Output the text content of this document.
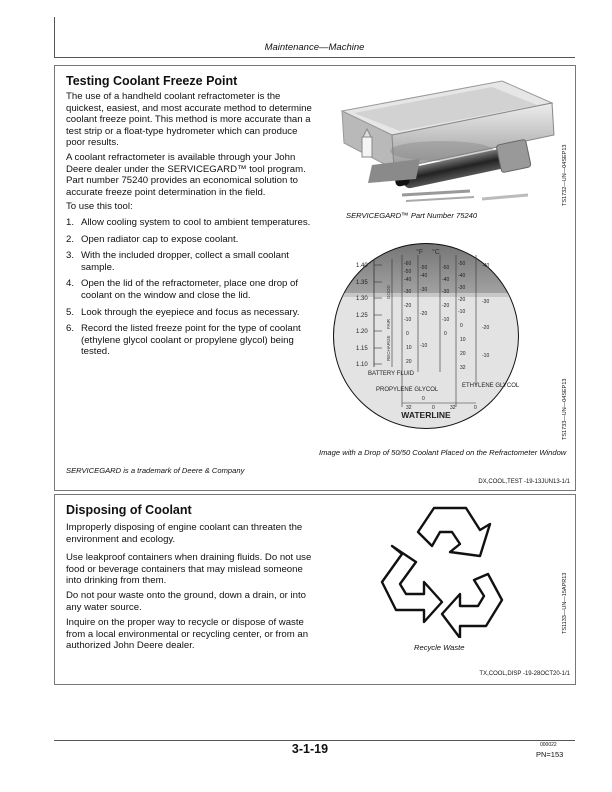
Maintenance—Machine
Testing Coolant Freeze Point

The use of a handheld coolant refractometer is the quickest, easiest, and most accurate method to determine coolant freeze point. This method is more accurate than a test strip or a float-type hydrometer which can produce poor results.

A coolant refractometer is available through your John Deere dealer under the SERVICEGARD™ tool program. Part number 75240 provides an economical solution to accurate freeze point determination in the field.

To use this tool:

1. Allow cooling system to cool to ambient temperatures.
2. Open radiator cap to expose coolant.
3. With the included dropper, collect a small coolant sample.
4. Open the lid of the refractometer, place one drop of coolant on the window and close the lid.
5. Look through the eyepiece and focus as necessary.
6. Record the listed freeze point for the type of coolant (ethylene glycol coolant or propylene glycol) being tested.
SERVICEGARD™ Part Number 75240
TS1732—UN—04SEP13
1.40
1.35
1.30
1.25
1.20
1.15
1.10
°F °C
GOOD
RECHARGE
FAIR
-60
-50
-40
-30
-20
-10
0
10
20
-50
-40
-30
-20
-10
0
-50
-40
-30
-20
-10
0
-50
-40
-30
-20
-10
0
10
20
32
-40
-30
-20
-10
BATTERY FLUID
PROPYLENE GLYCOL
ETHYLENE GLYCOL
32	0	32	0
WATERLINE
Image with a Drop of 50/50 Coolant Placed on the Refractometer Window
TS1733—UN—04SEP13
SERVICEGARD is a trademark of Deere & Company
DX,COOL,TEST -19-13JUN13-1/1
Disposing of Coolant

Improperly disposing of engine coolant can threaten the environment and ecology.

Use leakproof containers when draining fluids. Do not use food or beverage containers that may mislead someone into drinking from them.

Do not pour waste onto the ground, down a drain, or into any water source.

Inquire on the proper way to recycle or dispose of waste from a local environmental or recycling center, or from an authorized John Deere dealer.	Recycle Waste
TS1133—UN—15APR13
TX,COOL,DISP -19-28OCT20-1/1
3-1-19	000022
PN=153
